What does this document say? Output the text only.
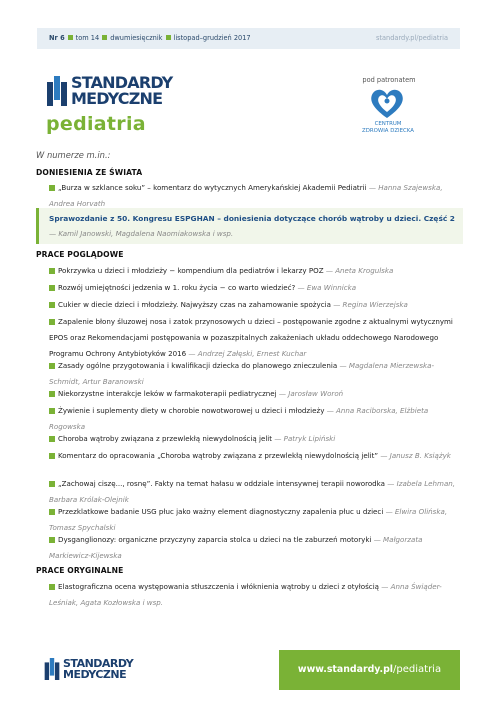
Nr 6 tom 14 dwumiesięcznik listopad–grudzień 2017	standardy.pl/pediatria
STANDARDY
MEDYCZNE
pediatria
pod patronatem
CENTRUM
ZDROWIA DZIECKA
W numerze m.in.:
DONIESIENIA ZE ŚWIATA
„Burza w szklance soku” – komentarz do wytycznych Amerykańskiej Akademii Pediatrii — Hanna Szajewska, Andrea Horvath
Sprawozdanie z 50. Kongresu ESPGHAN – doniesienia dotyczące chorób wątroby u dzieci. Część 2— Kamil Janowski, Magdalena Naomiakowska i wsp.
PRACE POGLĄDOWE
Pokrzywka u dzieci i młodzieży − kompendium dla pediatrów i lekarzy POZ — Aneta Krogulska
Rozwój umiejętności jedzenia w 1. roku życia − co warto wiedzieć? — Ewa Winnicka
Cukier w diecie dzieci i młodzieży. Najwyższy czas na zahamowanie spożycia — Regina Wierzejska
Zapalenie błony śluzowej nosa i zatok przynosowych u dzieci – postępowanie zgodne z aktualnymi wytycznymi EPOS oraz Rekomendacjami postępowania w pozaszpitalnych zakażeniach układu oddechowego Narodowego Programu Ochrony Antybiotyków 2016 — Andrzej Załęski, Ernest Kuchar
Zasady ogólne przygotowania i kwalifikacji dziecka do planowego znieczulenia — Magdalena Mierzewska-Schmidt, Artur Baranowski
Niekorzystne interakcje leków w farmakoterapii pediatrycznej — Jarosław Woroń
Żywienie i suplementy diety w chorobie nowotworowej u dzieci i młodzieży — Anna Raciborska, Elżbieta Rogowska
Choroba wątroby związana z przewlekłą niewydolnością jelit — Patryk Lipiński
Komentarz do opracowania „Choroba wątroby związana z przewlekłą niewydolnością jelit” — Janusz B. Książyk
„Zachowaj ciszę..., rosnę”. Fakty na temat hałasu w oddziale intensywnej terapii noworodka — Izabela Lehman, Barbara Królak-Olejnik
Przezklatkowe badanie USG płuc jako ważny element diagnostyczny zapalenia płuc u dzieci — Elwira Olińska, Tomasz Spychalski
Dysganglionozy: organiczne przyczyny zaparcia stolca u dzieci na tle zaburzeń motoryki — Małgorzata Markiewicz-Kijewska
PRACE ORYGINALNE
Elastograficzna ocena występowania stłuszczenia i włóknienia wątroby u dzieci z otyłością — Anna Świąder-Leśniak, Agata Kozłowska i wsp.
STANDARDY
MEDYCZNE	www.standardy.pl/pediatria
